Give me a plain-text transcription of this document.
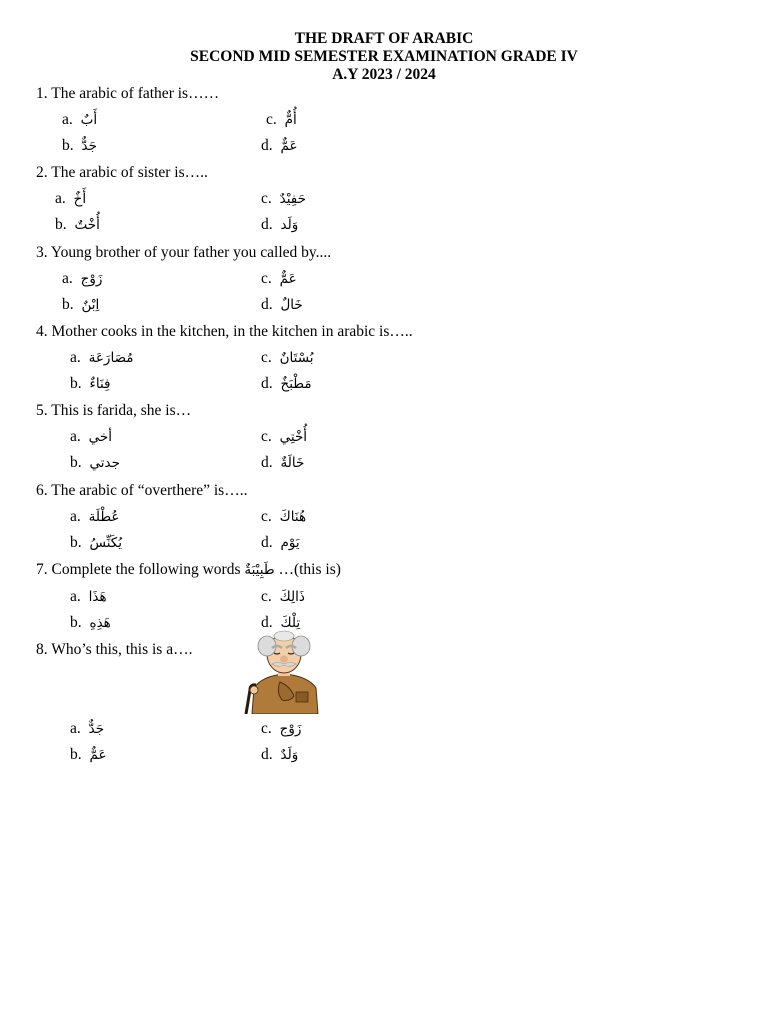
THE DRAFT OF ARABIC
SECOND MID SEMESTER EXAMINATION GRADE IV
A.Y 2023 / 2024
1. The arabic of father is……
a. أَبٌ	c. أُمٌّ
b. جَدٌّ	d. عَمٌّ
2. The arabic of sister is…..
a. أَخٌ	c. حَفِيْدٌ
b. أُخْتٌ	d. وَلَد
3. Young brother of your father you called by....
a. زَوْج	c. عَمٌّ
b. اِبْنٌ	d. خَالٌ
4. Mother cooks in the kitchen, in the kitchen in arabic is…..
a. مُصَارَعَة	c. بُسْتَانٌ
b. فِنَاءٌ	d. مَطْبَخٌ
5. This is farida, she is…
a. أخي	c. أُخْتِي
b. جدتي	d. خَالَةٌ
6. The arabic of “overthere” is…..
a. عُطْلَة	c. هُنَاكَ
b. يُكَنِّسُ	d. يَوْم
7. Complete the following words طَبِيْبَةٌ …(this is)
a. هَذَا	c. ذَالِكَ
b. هَذِهِ	d. تِلْكَ
8. Who’s this, this is a….
a. جَدٌّ	c. زَوْج
b. عَمٌّ	d. وَلَدٌ
